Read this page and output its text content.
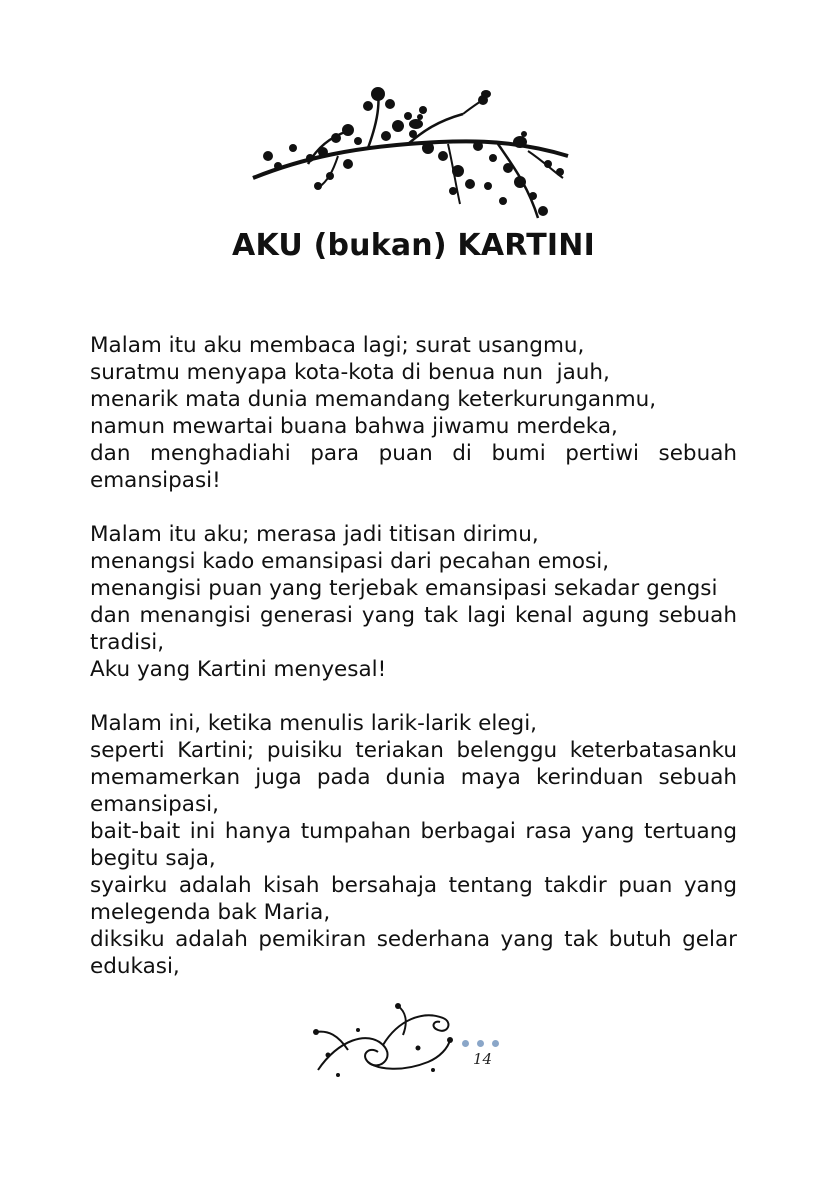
AKU (bukan) KARTINI
Malam itu aku membaca lagi; surat usangmu,
suratmu menyapa kota-kota di benua nun  jauh,
menarik mata dunia memandang keterkurunganmu,
namun mewartai buana bahwa jiwamu merdeka,
dan menghadiahi para puan di bumi pertiwi sebuah
emansipasi!
Malam itu aku; merasa jadi titisan dirimu,
menangsi kado emansipasi dari pecahan emosi,
menangisi puan yang terjebak emansipasi sekadar gengsi
dan menangisi generasi yang tak lagi kenal agung sebuah
tradisi,
Aku yang Kartini menyesal!
Malam ini, ketika menulis larik-larik elegi,
seperti Kartini; puisiku teriakan belenggu keterbatasanku
memamerkan juga pada dunia maya kerinduan sebuah
emansipasi,
bait-bait ini hanya tumpahan berbagai rasa yang tertuang
begitu saja,
syairku adalah kisah bersahaja tentang takdir puan yang
melegenda bak Maria,
diksiku adalah pemikiran sederhana yang tak butuh gelar
edukasi,
14
